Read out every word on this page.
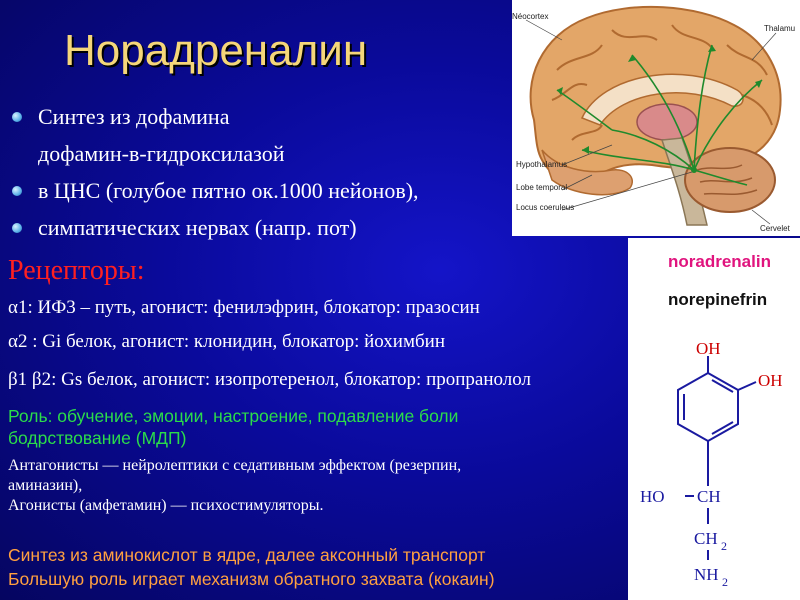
Норадреналин
Синтез из дофамина
дофамин-в-гидроксилазой
в ЦНС (голубое пятно ок.1000 нейонов),
симпатических нервах (напр. пот)
Рецепторы:
α1: ИФ3 – путь, агонист: фенилэфрин, блокатор: празосин
α2 : Gi белок, агонист: клонидин, блокатор: йохимбин
β1 β2: Gs белок, агонист: изопротеренол, блокатор: пропранолол
Роль: обучение, эмоции, настроение, подавление боли
бодрствование (МДП)
Антагонисты — нейролептики с седативным эффектом (резерпин,
аминазин),
Агонисты (амфетамин) — психостимуляторы.
Синтез из аминокислот в ядре, далее аксонный транспорт
Большую роль играет механизм обратного захвата (кокаин)
Néocortex
Thalamu
Hypothalamus
Lobe temporal
Locus coeruleus
Cervelet
noradrenalin
norepinefrin
OH
OH
HO CH
CH 2
NH 2
